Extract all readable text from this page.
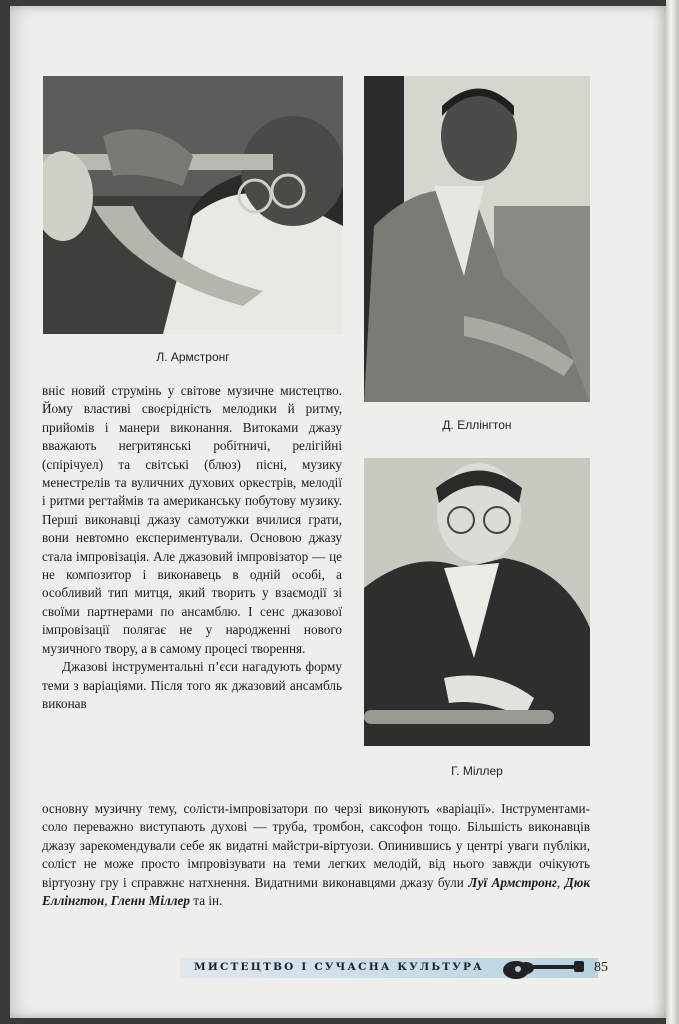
Л. Армстронг
Д. Еллінгтон
Г. Міллер

вніс новий струмінь у світове музичне мистецтво. Йому властиві своєрідність мелодики й ритму, прийомів і манери виконання. Витоками джазу вважають негритянські робітничі, релігійні (спірічуел) та світські (блюз) пісні, музику менестрелів та вуличних духових оркестрів, мелодії і ритми регтаймів та американську побутову музику. Перші виконавці джазу самотужки вчилися грати, вони невтомно експериментували. Основою джазу стала імпровізація. Але джазовий імпровізатор — це не композитор і виконавець в одній особі, а особливий тип митця, який творить у взаємодії зі своїми партнерами по ансамблю. І сенс джазової імпровізації полягає не у народженні нового музичного твору, а в самому процесі творення.

Джазові інструментальні п’єси нагадують форму теми з варіаціями. Після того як джазовий ансамбль виконав

основну музичну тему, солісти-імпровізатори по черзі виконують «варіації». Інструментами-соло переважно виступають духові — труба, тромбон, саксофон тощо. Більшість виконавців джазу зарекомендували себе як видатні майстри-віртуози. Опинившись у центрі уваги публіки, соліст не може просто імпровізувати на теми легких мелодій, від нього завжди очікують віртуозну гру і справжнє натхнення. Видатними виконавцями джазу були Луї Армстронг, Дюк Еллінгтон, Гленн Міллер та ін.

МИСТЕЦТВО І СУЧАСНА КУЛЬТУРА	85
